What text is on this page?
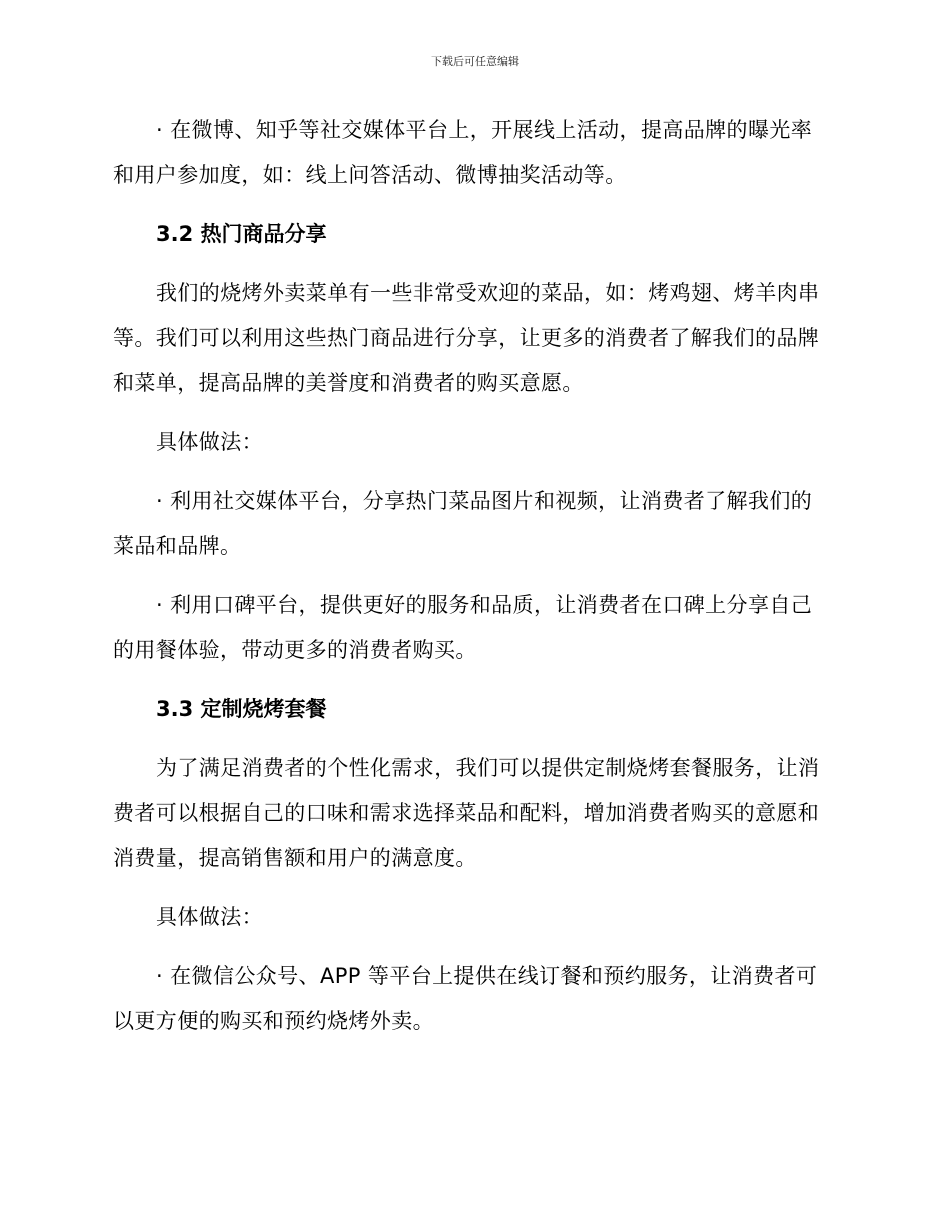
下载后可任意编辑

· 在微博、知乎等社交媒体平台上，开展线上活动，提高品牌的曝光率和用户参加度，如：线上问答活动、微博抽奖活动等。

3.2 热门商品分享

我们的烧烤外卖菜单有一些非常受欢迎的菜品，如：烤鸡翅、烤羊肉串等。我们可以利用这些热门商品进行分享，让更多的消费者了解我们的品牌和菜单，提高品牌的美誉度和消费者的购买意愿。

具体做法：

· 利用社交媒体平台，分享热门菜品图片和视频，让消费者了解我们的菜品和品牌。

· 利用口碑平台，提供更好的服务和品质，让消费者在口碑上分享自己的用餐体验，带动更多的消费者购买。

3.3 定制烧烤套餐

为了满足消费者的个性化需求，我们可以提供定制烧烤套餐服务，让消费者可以根据自己的口味和需求选择菜品和配料，增加消费者购买的意愿和消费量，提高销售额和用户的满意度。

具体做法：

· 在微信公众号、APP 等平台上提供在线订餐和预约服务，让消费者可以更方便的购买和预约烧烤外卖。
